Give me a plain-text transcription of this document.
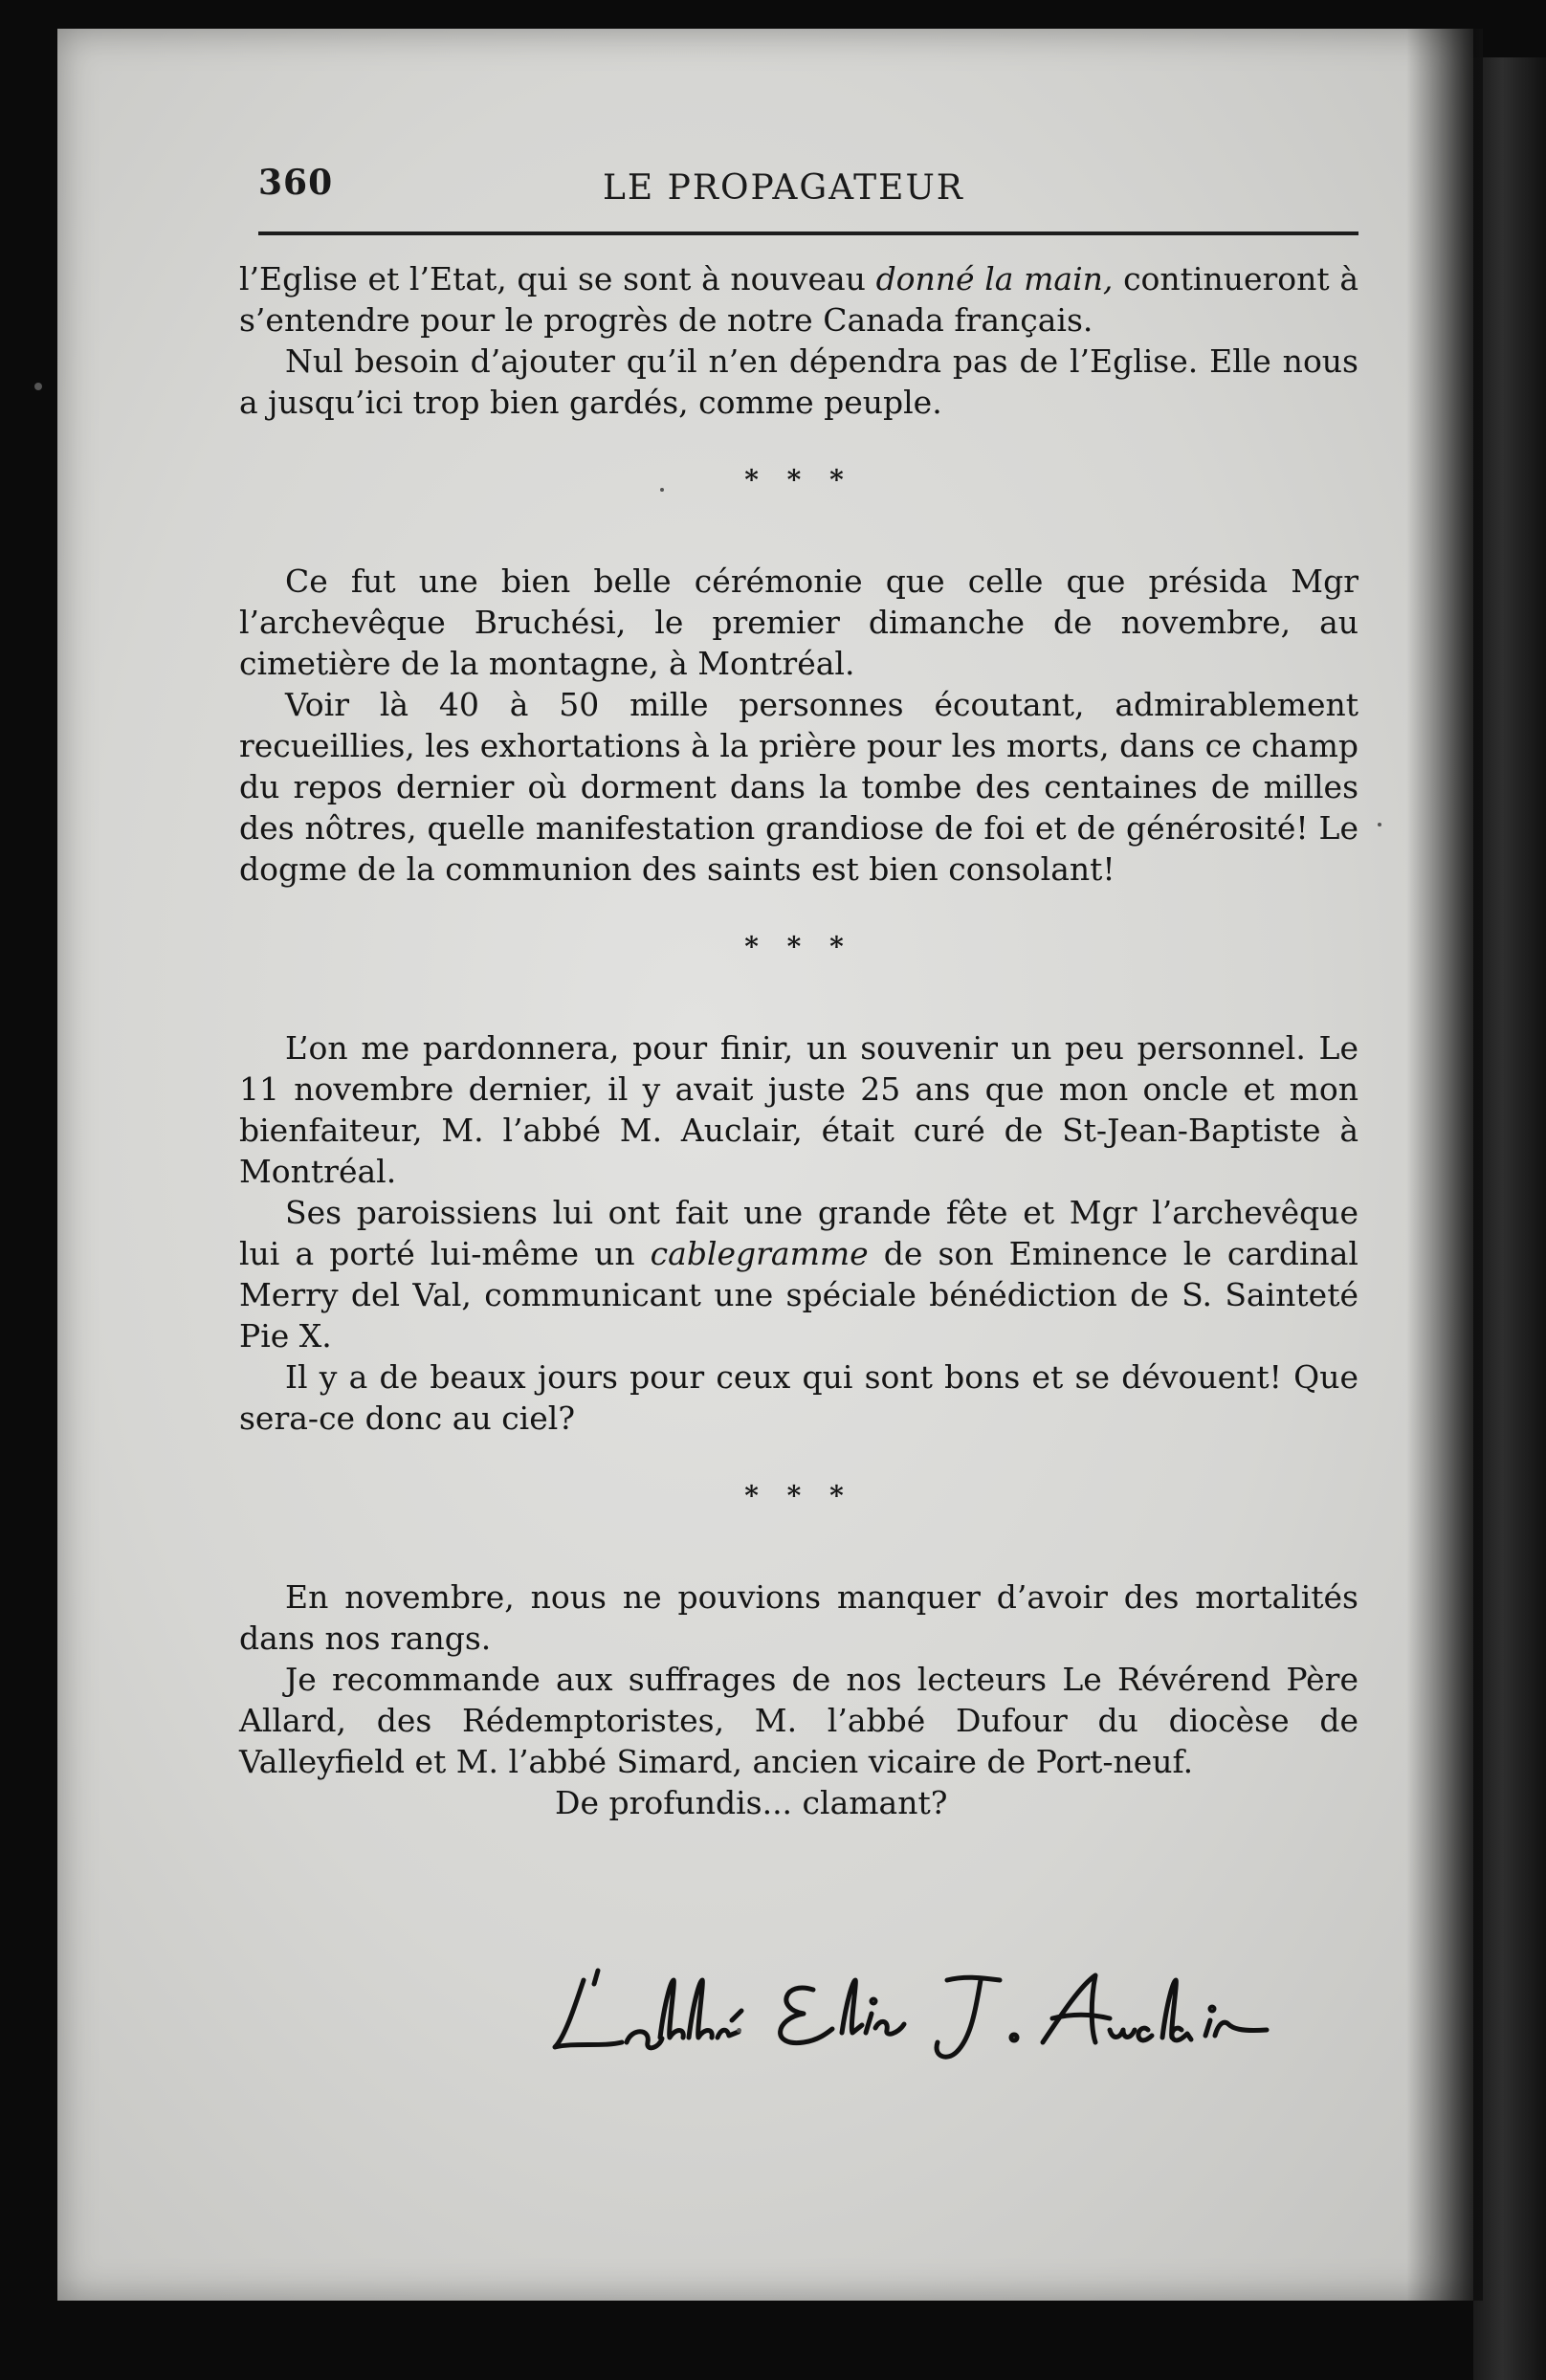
360	LE PROPAGATEUR

l’Eglise et l’Etat, qui se sont à nouveau donné la main, continueront à s’entendre pour le progrès de notre Canada français.

Nul besoin d’ajouter qu’il n’en dépendra pas de l’Eglise. Elle nous a jusqu’ici trop bien gardés, comme peuple.

* * *

Ce fut une bien belle cérémonie que celle que présida Mgr l’archevêque Bruchési, le premier dimanche de novembre, au cimetière de la montagne, à Montréal.

Voir là 40 à 50 mille personnes écoutant, admirablement recueillies, les exhortations à la prière pour les morts, dans ce champ du repos dernier où dorment dans la tombe des centaines de milles des nôtres, quelle manifestation grandiose de foi et de générosité! Le dogme de la communion des saints est bien consolant!

* * *

L’on me pardonnera, pour finir, un souvenir un peu personnel. Le 11 novembre dernier, il y avait juste 25 ans que mon oncle et mon bienfaiteur, M. l’abbé M. Auclair, était curé de St-Jean-Baptiste à Montréal.

Ses paroissiens lui ont fait une grande fête et Mgr l’archevêque lui a porté lui-même un cablegramme de son Eminence le cardinal Merry del Val, communicant une spéciale bénédiction de S. Sainteté Pie X.

Il y a de beaux jours pour ceux qui sont bons et se dévouent! Que sera-ce donc au ciel?

* * *

En novembre, nous ne pouvions manquer d’avoir des mortalités dans nos rangs.

Je recommande aux suffrages de nos lecteurs Le Révérend Père Allard, des Rédemptoristes, M. l’abbé Dufour du diocèse de Valleyfield et M. l’abbé Simard, ancien vicaire de Port-neuf.

De profundis... clamant?
